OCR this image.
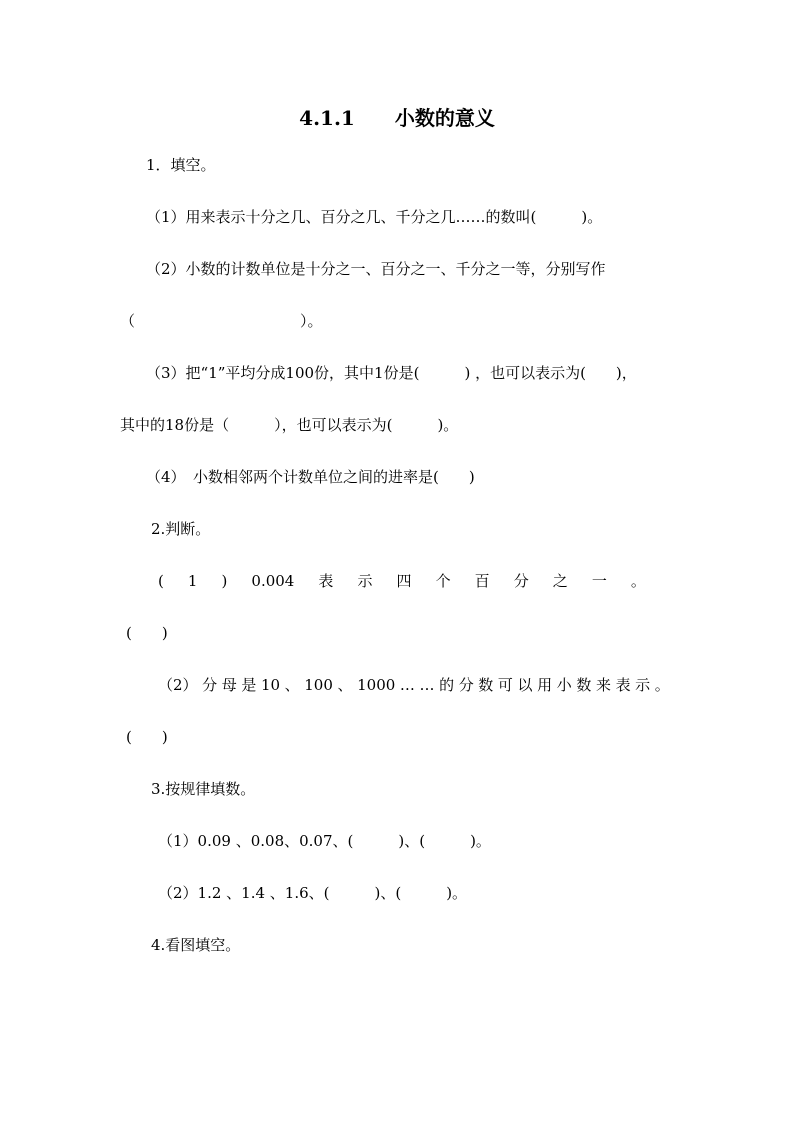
4.1.1　　小数的意义
1．填空。
（1）用来表示十分之几、百分之几、千分之几……的数叫(　　　)。
（2）小数的计数单位是十分之一、百分之一、千分之一等，分别写作
（　　　　　　　　　　　）。
（3）把“1”平均分成100份，其中1份是(　　　) ，也可以表示为(　　)，
其中的18份是（　　　），也可以表示为(　　　)。
（4）　小数相邻两个计数单位之间的进率是(　　)
2.判断。
( 1 ) 0.004 表 示 四 个 百 分 之 一 。
(　　)
（2） 分 母 是 10 、 100 、 1000 … … 的 分 数 可 以 用 小 数 来 表 示 。
(　　)
3.按规律填数。
（1）0.09 、0.08、0.07、(　　　)、(　　　)。
（2）1.2 、1.4 、1.6、(　　　)、(　　　)。
4.看图填空。
